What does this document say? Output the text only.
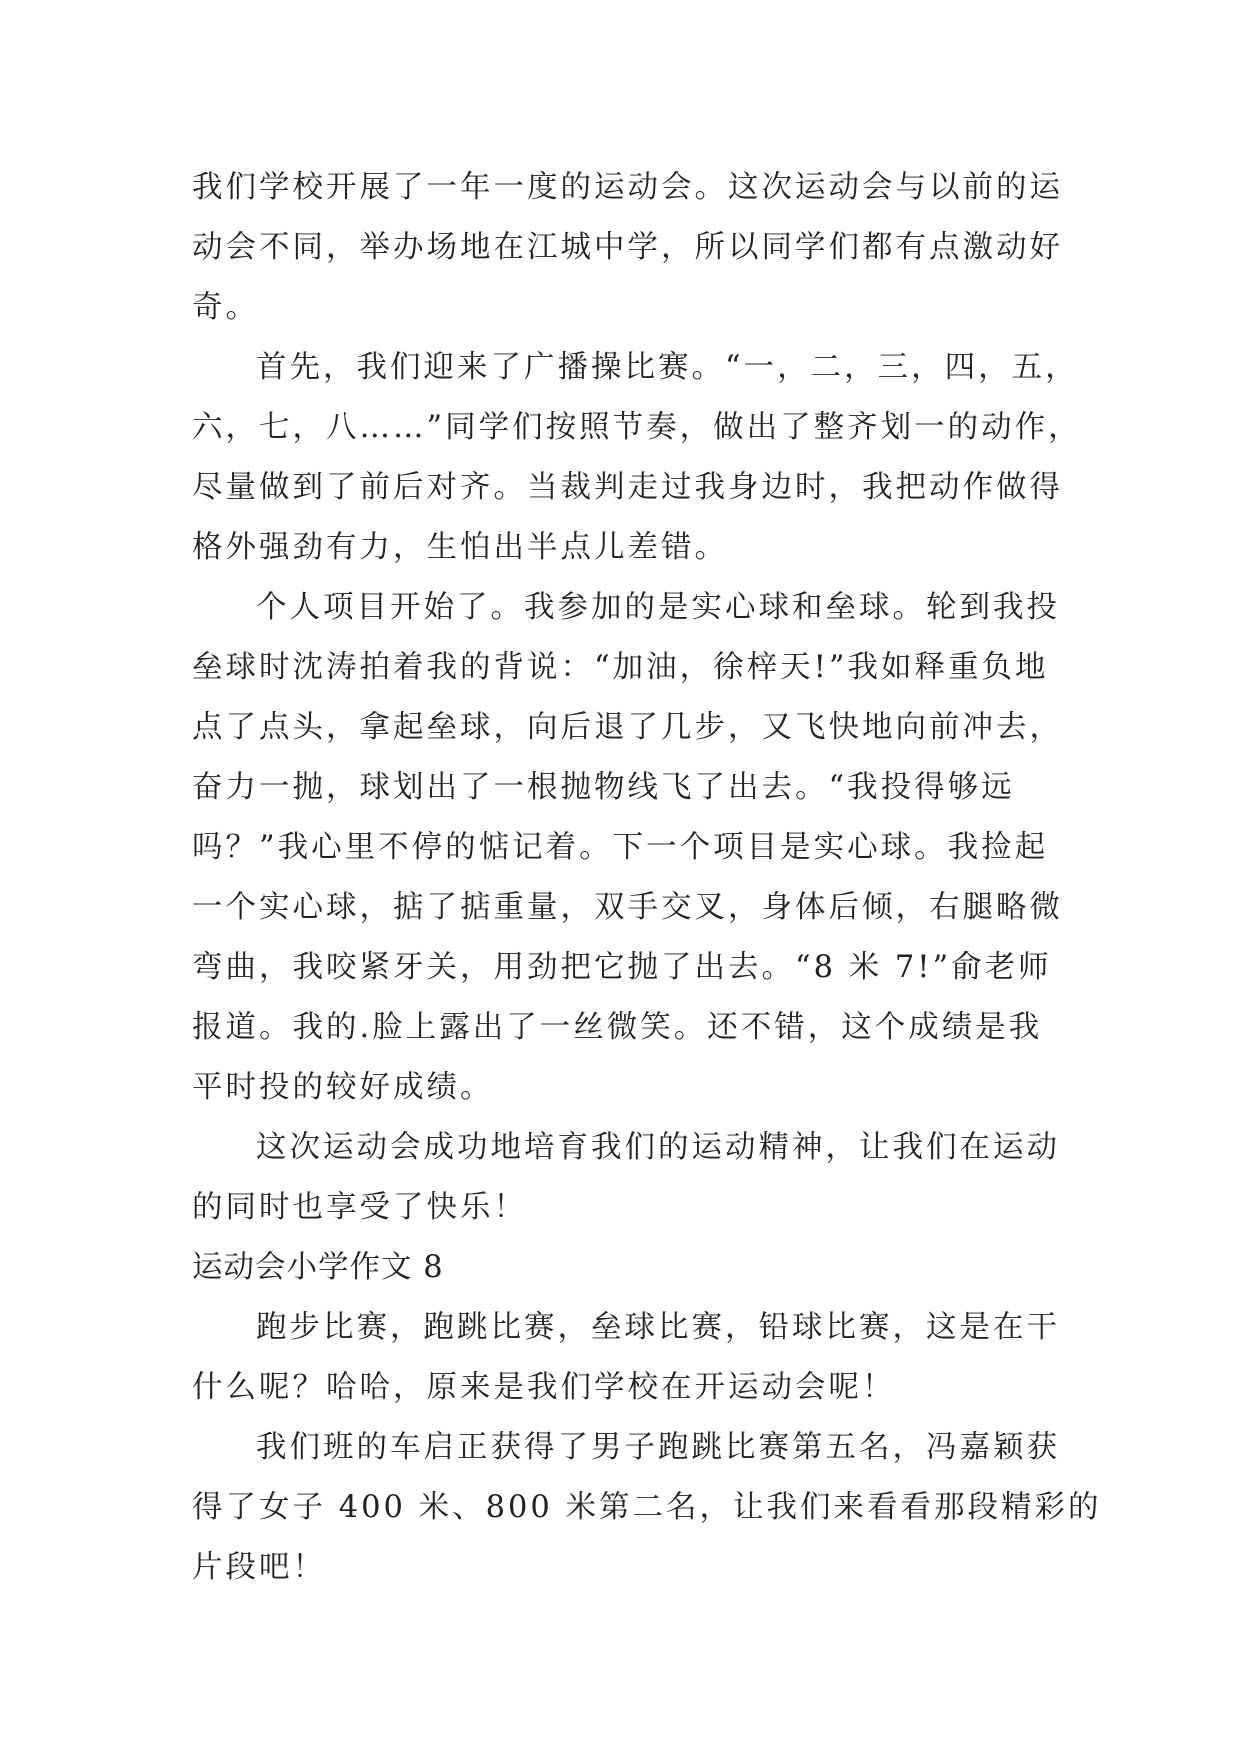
我们学校开展了一年一度的运动会。这次运动会与以前的运
动会不同，举办场地在江城中学，所以同学们都有点激动好
奇。
首先，我们迎来了广播操比赛。“一，二，三，四，五，
六，七，八……”同学们按照节奏，做出了整齐划一的动作，
尽量做到了前后对齐。当裁判走过我身边时，我把动作做得
格外强劲有力，生怕出半点儿差错。
个人项目开始了。我参加的是实心球和垒球。轮到我投
垒球时沈涛拍着我的背说：“加油，徐梓天!”我如释重负地
点了点头，拿起垒球，向后退了几步，又飞快地向前冲去，
奋力一抛，球划出了一根抛物线飞了出去。“我投得够远
吗？”我心里不停的惦记着。下一个项目是实心球。我捡起
一个实心球，掂了掂重量，双手交叉，身体后倾，右腿略微
弯曲，我咬紧牙关，用劲把它抛了出去。“8 米 7!”俞老师
报道。我的.脸上露出了一丝微笑。还不错，这个成绩是我
平时投的较好成绩。
这次运动会成功地培育我们的运动精神，让我们在运动
的同时也享受了快乐！
运动会小学作文 8
跑步比赛，跑跳比赛，垒球比赛，铅球比赛，这是在干
什么呢？哈哈，原来是我们学校在开运动会呢！
我们班的车启正获得了男子跑跳比赛第五名，冯嘉颖获
得了女子 400 米、800 米第二名，让我们来看看那段精彩的
片段吧！
